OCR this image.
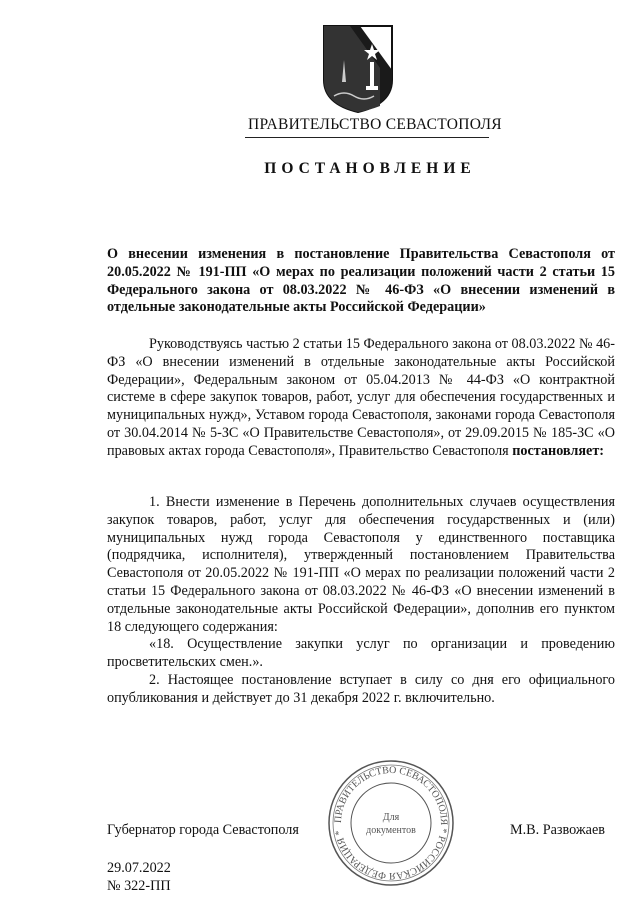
ПРАВИТЕЛЬСТВО СЕВАСТОПОЛЯ
ПОСТАНОВЛЕНИЕ
О внесении изменения в постановление Правительства Севастополя от 20.05.2022 № 191-ПП «О мерах по реализации положений части 2 статьи 15 Федерального закона от 08.03.2022 № 46-ФЗ «О внесении изменений в отдельные законодательные акты Российской Федерации»
Руководствуясь частью 2 статьи 15 Федерального закона от 08.03.2022 № 46-ФЗ «О внесении изменений в отдельные законодательные акты Российской Федерации», Федеральным законом от 05.04.2013 № 44-ФЗ «О контрактной системе в сфере закупок товаров, работ, услуг для обеспечения государственных и муниципальных нужд», Уставом города Севастополя, законами города Севастополя от 30.04.2014 № 5-ЗС «О Правительстве Севастополя», от 29.09.2015 № 185-ЗС «О правовых актах города Севастополя», Правительство Севастополя постановляет:

1. Внести изменение в Перечень дополнительных случаев осуществления закупок товаров, работ, услуг для обеспечения государственных и (или) муниципальных нужд города Севастополя у единственного поставщика (подрядчика, исполнителя), утвержденный постановлением Правительства Севастополя от 20.05.2022 № 191-ПП «О мерах по реализации положений части 2 статьи 15 Федерального закона от 08.03.2022 № 46-ФЗ «О внесении изменений в отдельные законодательные акты Российской Федерации», дополнив его пунктом 18 следующего содержания:

«18. Осуществление закупки услуг по организации и проведению просветительских смен.».

2. Настоящее постановление вступает в силу со дня его официального опубликования и действует до 31 декабря 2022 г. включительно.

Губернатор города Севастополя
ПРАВИТЕЛЬСТВО СЕВАСТОПОЛЯ * РОССИЙСКАЯ ФЕДЕРАЦИЯ *
Для
документов	М.В. Развожаев
29.07.2022
№ 322-ПП
